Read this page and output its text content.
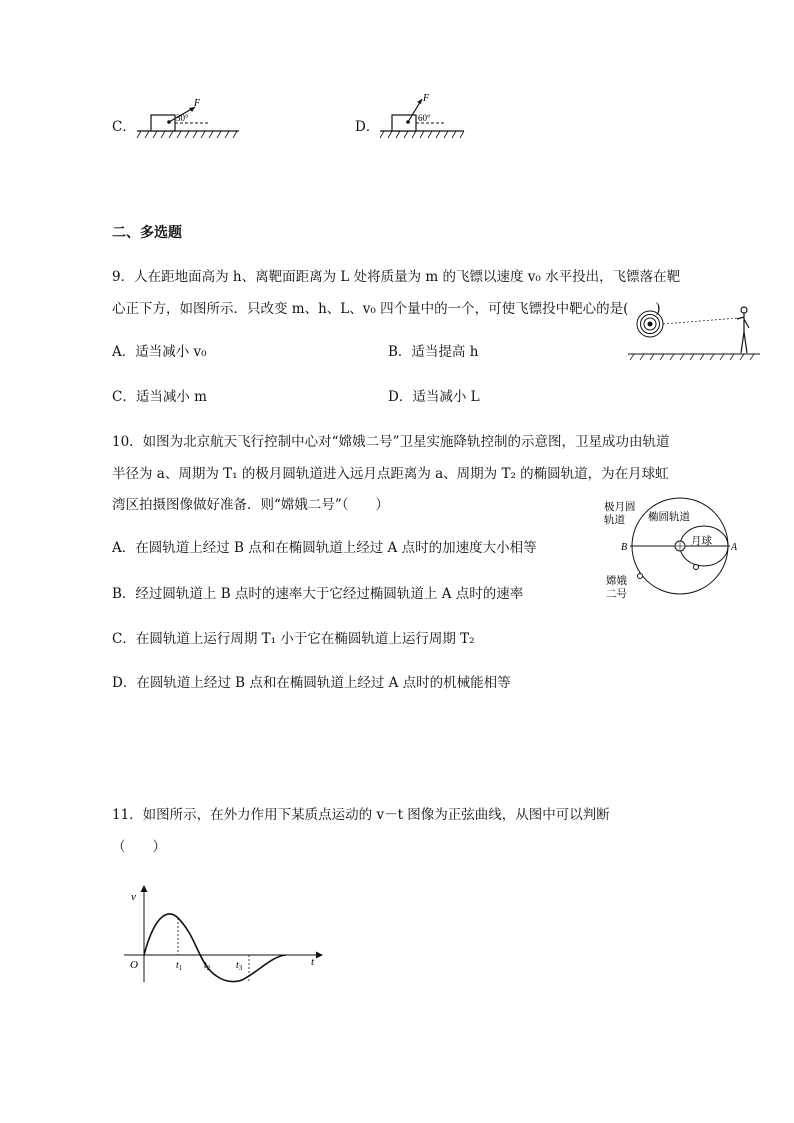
C．
F
30°
D．
F
60°
二、多选题
9．人在距地面高为 h、离靶面距离为 L 处将质量为 m 的飞镖以速度 v₀ 水平投出，飞镖落在靶
心正下方，如图所示．只改变 m、h、L、v₀ 四个量中的一个，可使飞镖投中靶心的是(　　)
A．适当减小 v₀	B．适当提高 h
C．适当减小 m	D．适当减小 L
10．如图为北京航天飞行控制中心对“嫦娥二号”卫星实施降轨控制的示意图，卫星成功由轨道
半径为 a、周期为 T₁ 的极月圆轨道进入远月点距离为 a、周期为 T₂ 的椭圆轨道，为在月球虹
湾区拍摄图像做好准备．则“嫦娥二号”（　　）
A．在圆轨道上经过 B 点和在椭圆轨道上经过 A 点时的加速度大小相等
B．经过圆轨道上 B 点时的速率大于它经过椭圆轨道上 A 点时的速率
C．在圆轨道上运行周期 T₁ 小于它在椭圆轨道上运行周期 T₂
D．在圆轨道上经过 B 点和在椭圆轨道上经过 A 点时的机械能相等
极月圆
轨道 椭圆轨道
月球
B	A
嫦娥
二号
11．如图所示，在外力作用下某质点运动的 v－t 图像为正弦曲线，从图中可以判断
（　　）
v
t
O	$t_1$ $t_2$	$t_3$
